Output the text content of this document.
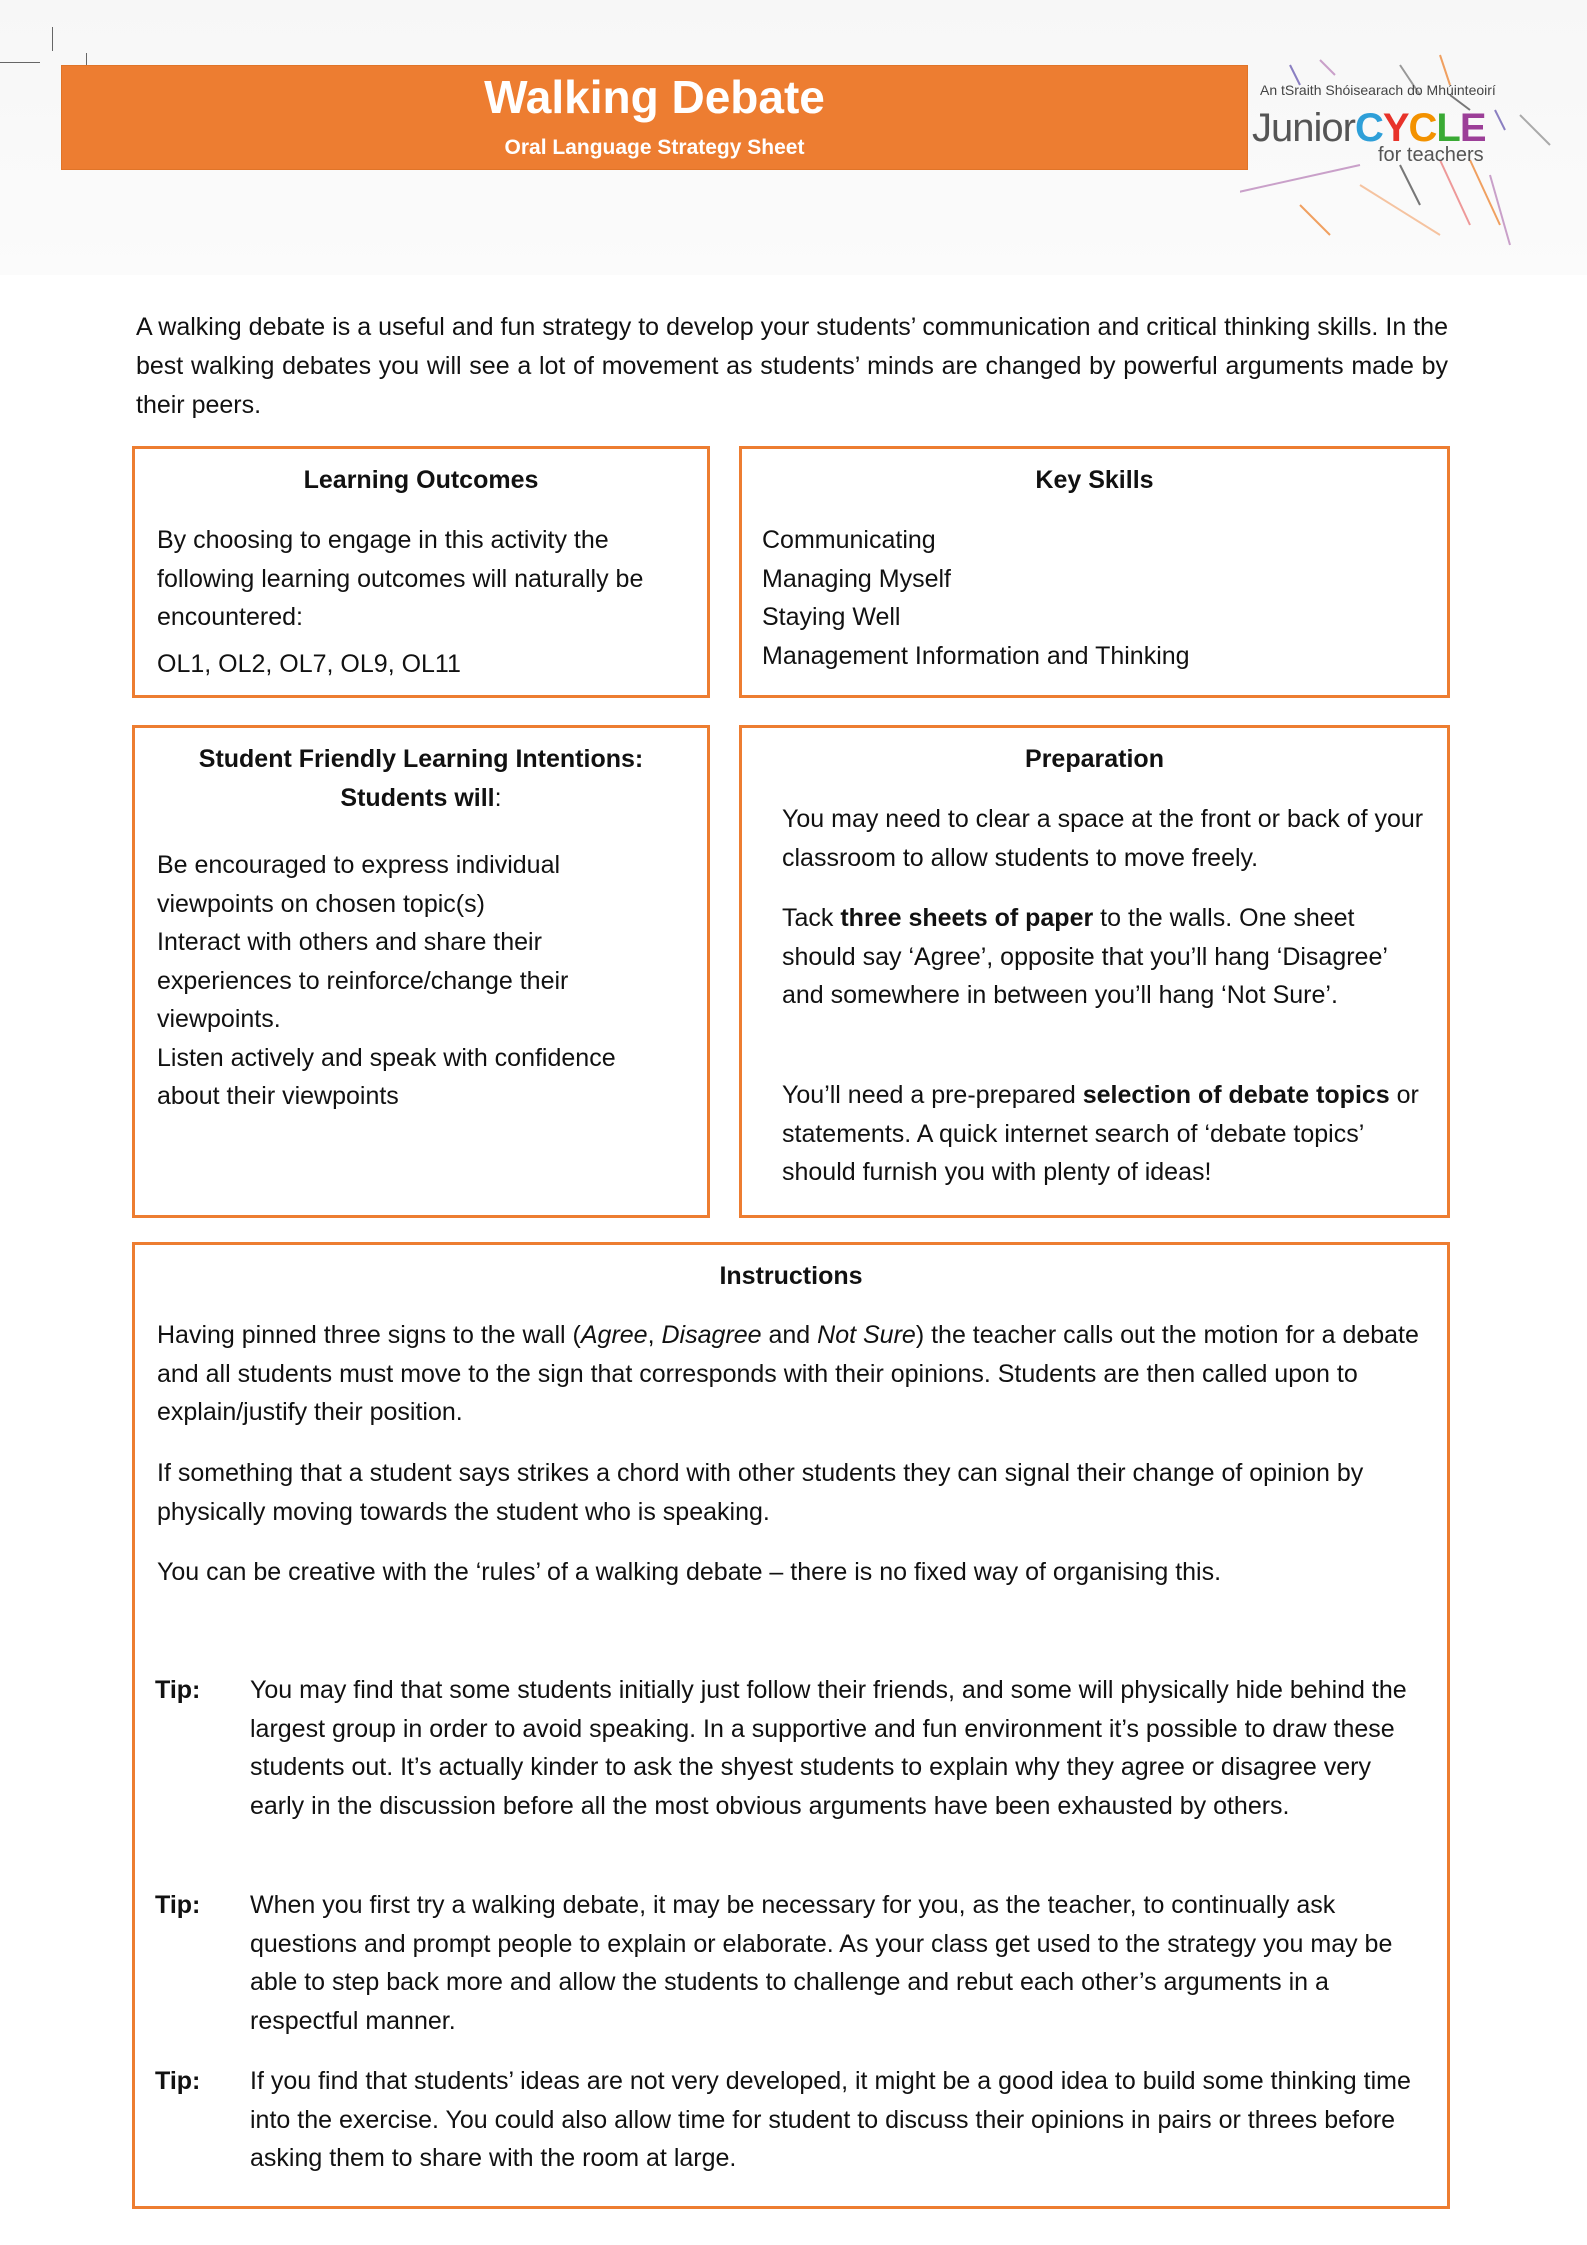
Walking Debate
Oral Language Strategy Sheet
An tSraith Shóisearach do Mhúinteoirí
JuniorCYCLE
for teachers
A walking debate is a useful and fun strategy to develop your students’ communication and critical thinking skills. In the best walking debates you will see a lot of movement as students’ minds are changed by powerful arguments made by their peers.
Learning Outcomes

By choosing to engage in this activity the following learning outcomes will naturally be encountered:

OL1, OL2, OL7, OL9, OL11

Key Skills
Communicating
Managing Myself
Staying Well
Management Information and Thinking
Student Friendly Learning Intentions:
Students will:
Be encouraged to express individual viewpoints on chosen topic(s)
Interact with others and share their experiences to reinforce/change their viewpoints.
Listen actively and speak with confidence about their viewpoints
Preparation

You may need to clear a space at the front or back of your classroom to allow students to move freely.

Tack three sheets of paper to the walls. One sheet should say ‘Agree’, opposite that you’ll hang ‘Disagree’ and somewhere in between you’ll hang ‘Not Sure’.

You’ll need a pre-prepared selection of debate topics or statements. A quick internet search of ‘debate topics’ should furnish you with plenty of ideas!

Instructions

Having pinned three signs to the wall (Agree, Disagree and Not Sure) the teacher calls out the motion for a debate and all students must move to the sign that corresponds with their opinions. Students are then called upon to explain/justify their position.

If something that a student says strikes a chord with other students they can signal their change of opinion by physically moving towards the student who is speaking.

You can be creative with the ‘rules’ of a walking debate – there is no fixed way of organising this.

Tip: You may find that some students initially just follow their friends, and some will physically hide behind the largest group in order to avoid speaking. In a supportive and fun environment it’s possible to draw these students out. It’s actually kinder to ask the shyest students to explain why they agree or disagree very early in the discussion before all the most obvious arguments have been exhausted by others.
Tip: When you first try a walking debate, it may be necessary for you, as the teacher, to continually ask questions and prompt people to explain or elaborate. As your class get used to the strategy you may be able to step back more and allow the students to challenge and rebut each other’s arguments in a respectful manner.
Tip: If you find that students’ ideas are not very developed, it might be a good idea to build some thinking time into the exercise. You could also allow time for student to discuss their opinions in pairs or threes before asking them to share with the room at large.
